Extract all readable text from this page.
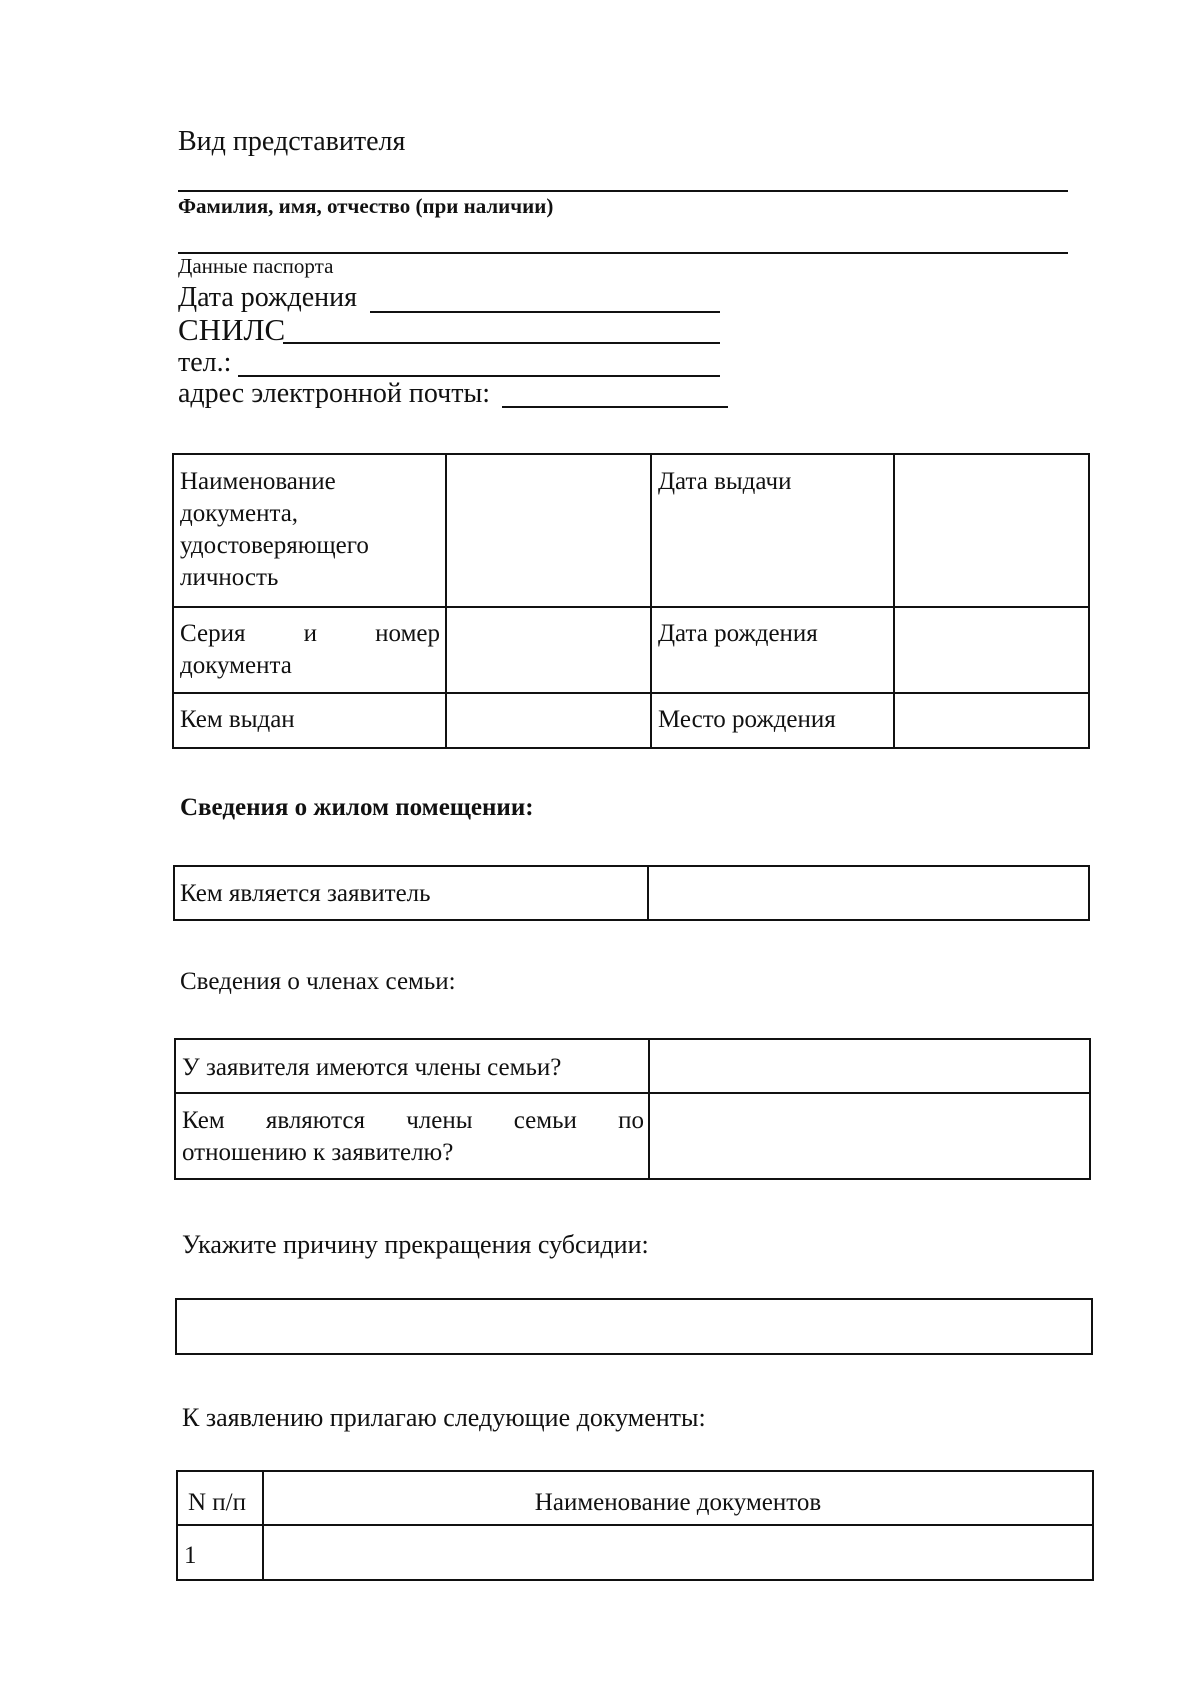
Вид представителя
Фамилия, имя, отчество (при наличии)
Данные паспорта
Дата рождения
СНИЛС
тел.:
адрес электронной почты:
Наименование
документа,
удостоверяющего
личность
Дата выдачи
Серия и номер
документа
Дата рождения
Кем выдан	Место рождения
Сведения о жилом помещении:
Кем является заявитель
Сведения о членах семьи:
У заявителя имеются члены семьи?
Кем являются члены семьи по
отношению к заявителю?
Укажите причину прекращения субсидии:
К заявлению прилагаю следующие документы:
N п/п	Наименование документов
1
